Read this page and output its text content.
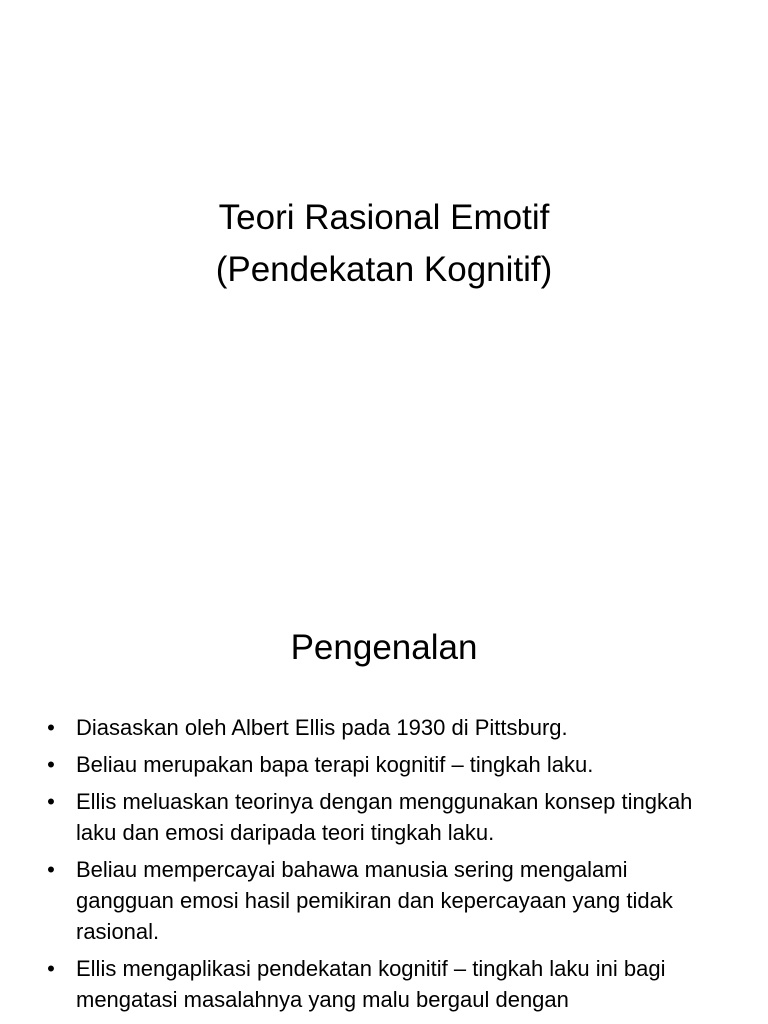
Teori Rasional Emotif
(Pendekatan Kognitif)
Pengenalan
• Diasaskan oleh Albert Ellis pada 1930 di Pittsburg.
• Beliau merupakan bapa terapi kognitif – tingkah laku.
• Ellis meluaskan teorinya dengan menggunakan konsep tingkah laku dan emosi daripada teori tingkah laku.
• Beliau mempercayai bahawa manusia sering mengalami gangguan emosi hasil pemikiran dan kepercayaan yang tidak rasional.
• Ellis mengaplikasi pendekatan kognitif – tingkah laku ini bagi mengatasi masalahnya yang malu bergaul dengan
